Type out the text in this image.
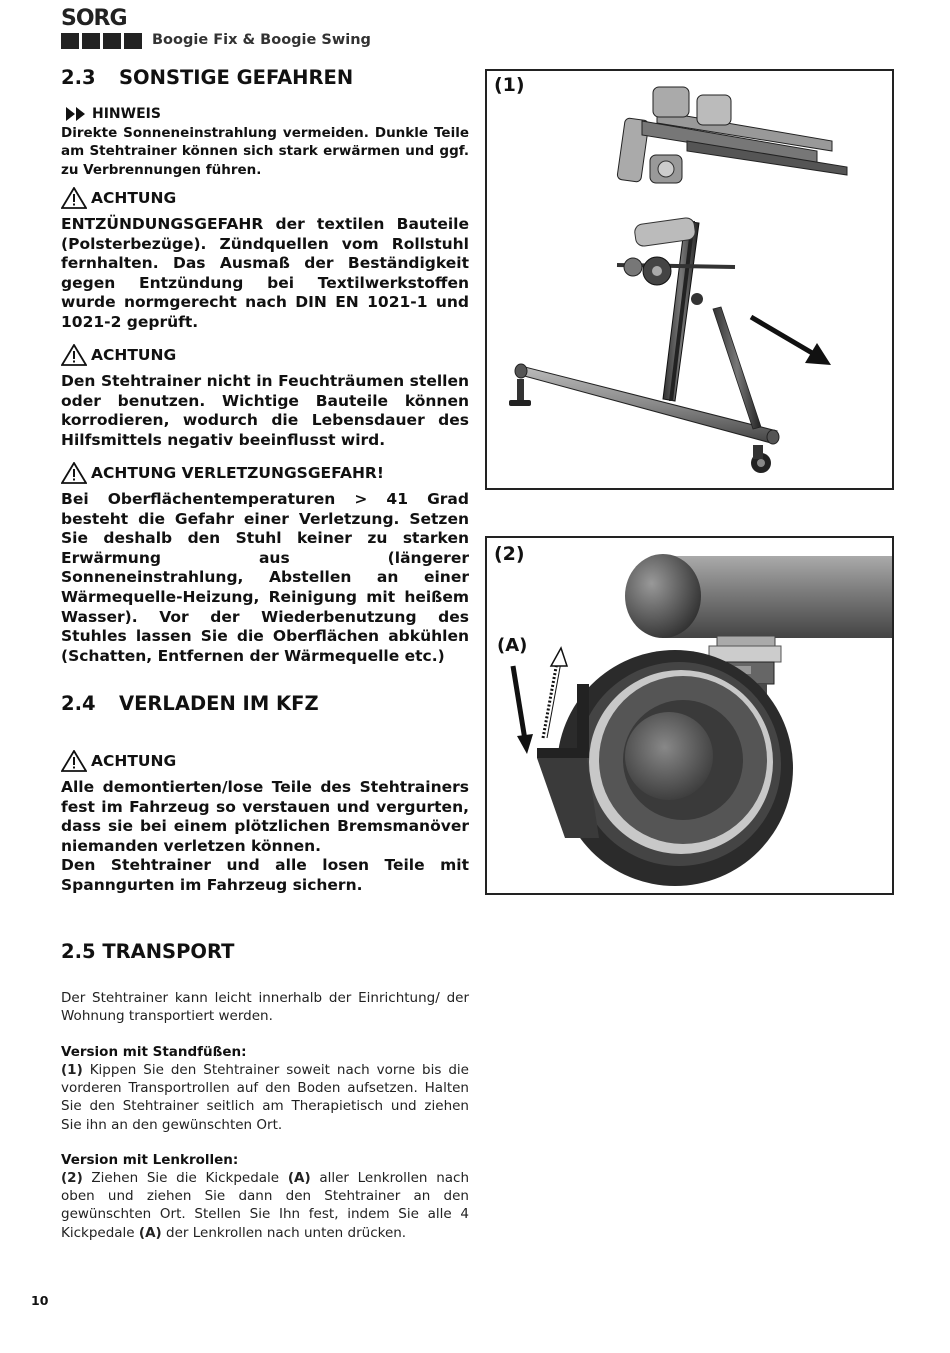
SORG
Boogie Fix & Boogie Swing
2.3 SONSTIGE GEFAHREN
HINWEIS
Direkte Sonneneinstrahlung vermeiden. Dunkle Teile am Stehtrainer können sich stark erwärmen und ggf. zu Verbrennungen führen.
ACHTUNG
ENTZÜNDUNGSGEFAHR der textilen Bauteile (Polsterbezüge). Zündquellen vom Rollstuhl fernhalten. Das Ausmaß der Beständigkeit gegen Entzündung bei Textilwerkstoffen wurde normgerecht nach DIN EN 1021-1 und 1021-2 geprüft.
ACHTUNG
Den Stehtrainer nicht in Feuchträumen stellen oder benutzen. Wichtige Bauteile können korrodieren, wodurch die Lebensdauer des Hilfsmittels negativ beeinflusst wird.
ACHTUNG VERLETZUNGSGEFAHR!
Bei Oberflächentemperaturen > 41 Grad besteht die Gefahr einer Verletzung. Setzen Sie deshalb den Stuhl keiner zu starken Erwärmung aus (längerer Sonneneinstrahlung, Abstellen an einer Wärmequelle-Heizung, Reinigung mit heißem Wasser). Vor der Wiederbenutzung des Stuhles lassen Sie die Oberflächen abkühlen (Schatten, Entfernen der Wärmequelle etc.)
2.4 VERLADEN IM KFZ
ACHTUNG
Alle demontierten/lose Teile des Stehtrainers fest im Fahrzeug so verstauen und vergurten, dass sie bei einem plötzlichen Bremsmanöver niemanden verletzen können.
Den Stehtrainer und alle losen Teile mit Spanngurten im Fahrzeug sichern.
2.5 TRANSPORT
Der Stehtrainer kann leicht innerhalb der Einrichtung/ der Wohnung transportiert werden.
Version mit Standfüßen:
(1) Kippen Sie den Stehtrainer soweit nach vorne bis die vorderen Transportrollen auf den Boden aufsetzen. Halten Sie den Stehtrainer seitlich am Therapietisch und ziehen Sie ihn an den gewünschten Ort.
Version mit Lenkrollen:
(2) Ziehen Sie die Kickpedale (A) aller Lenkrollen nach oben und ziehen Sie dann den Stehtrainer an den gewünschten Ort. Stellen Sie Ihn fest, indem Sie alle 4 Kickpedale (A) der Lenkrollen nach unten drücken.
(1)
(2)
(A)
10
